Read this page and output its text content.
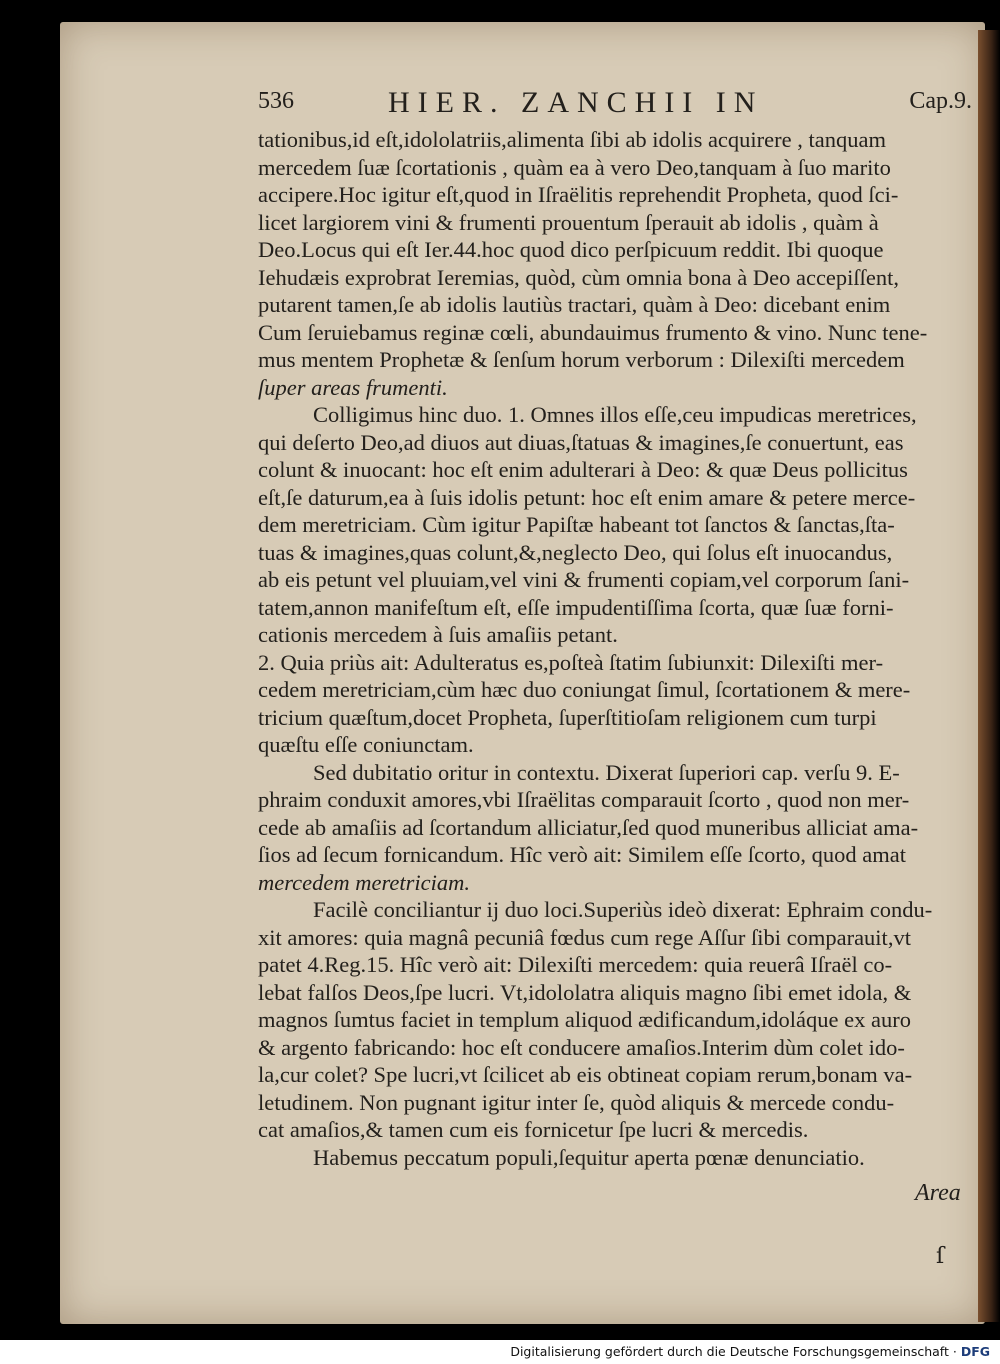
536	HIER. ZANCHII IN	Cap.9.
tationibus,id eſt,idololatriis,alimenta ſibi ab idolis acquirere , tanquam
mercedem ſuæ ſcortationis , quàm ea à vero Deo,tanquam à ſuo marito
accipere.Hoc igitur eſt,quod in Iſraëlitis reprehendit Propheta, quod ſci-
licet largiorem vini & frumenti prouentum ſperauit ab idolis , quàm à
Deo.Locus qui eſt Ier.44.hoc quod dico perſpicuum reddit. Ibi quoque
Iehudæis exprobrat Ieremias, quòd, cùm omnia bona à Deo accepiſſent,
putarent tamen,ſe ab idolis lautiùs tractari, quàm à Deo: dicebant enim
Cum ſeruiebamus reginæ cœli, abundauimus frumento & vino. Nunc tene-
mus mentem Prophetæ & ſenſum horum verborum : Dilexiſti mercedem
ſuper areas frumenti.
Colligimus hinc duo. 1. Omnes illos eſſe,ceu impudicas meretrices,
qui deſerto Deo,ad diuos aut diuas,ſtatuas & imagines,ſe conuertunt, eas
colunt & inuocant: hoc eſt enim adulterari à Deo: & quæ Deus pollicitus
eſt,ſe daturum,ea à ſuis idolis petunt: hoc eſt enim amare & petere merce-
dem meretriciam. Cùm igitur Papiſtæ habeant tot ſanctos & ſanctas,ſta-
tuas & imagines,quas colunt,&,neglecto Deo, qui ſolus eſt inuocandus,
ab eis petunt vel pluuiam,vel vini & frumenti copiam,vel corporum ſani-
tatem,annon manifeſtum eſt, eſſe impudentiſſima ſcorta, quæ ſuæ forni-
cationis mercedem à ſuis amaſiis petant.
2. Quia priùs ait: Adulteratus es,poſteà ſtatim ſubiunxit: Dilexiſti mer-
cedem meretriciam,cùm hæc duo coniungat ſimul, ſcortationem & mere-
tricium quæſtum,docet Propheta, ſuperſtitioſam religionem cum turpi
quæſtu eſſe coniunctam.
Sed dubitatio oritur in contextu. Dixerat ſuperiori cap. verſu 9. E-
phraim conduxit amores,vbi Iſraëlitas comparauit ſcorto , quod non mer-
cede ab amaſiis ad ſcortandum alliciatur,ſed quod muneribus alliciat ama-
ſios ad ſecum fornicandum. Hîc verò ait: Similem eſſe ſcorto, quod amat
mercedem meretriciam.
Facilè conciliantur ij duo loci.Superiùs ideò dixerat: Ephraim condu-
xit amores: quia magnâ pecuniâ fœdus cum rege Aſſur ſibi comparauit,vt
patet 4.Reg.15. Hîc verò ait: Dilexiſti mercedem: quia reuerâ Iſraël co-
lebat falſos Deos,ſpe lucri. Vt,idololatra aliquis magno ſibi emet idola, &
magnos ſumtus faciet in templum aliquod ædificandum,idoláque ex auro
& argento fabricando: hoc eſt conducere amaſios.Interim dùm colet ido-
la,cur colet? Spe lucri,vt ſcilicet ab eis obtineat copiam rerum,bonam va-
letudinem. Non pugnant igitur inter ſe, quòd aliquis & mercede condu-
cat amaſios,& tamen cum eis fornicetur ſpe lucri & mercedis.
Habemus peccatum populi,ſequitur aperta pœnæ denunciatio.
Area
ſ
Digitalisierung gefördert durch die Deutsche Forschungsgemeinschaft · DFG
